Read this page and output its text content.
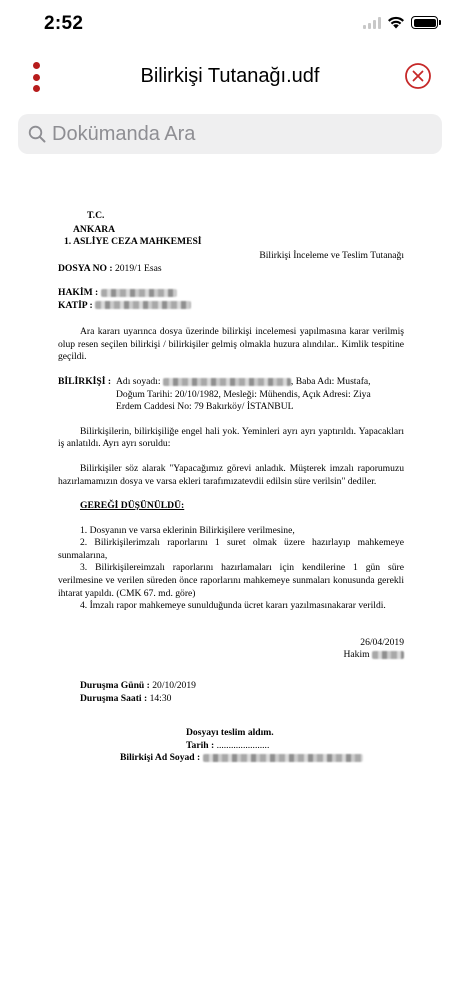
2:52
Bilirkişi Tutanağı.udf
Dokümanda Ara

T.C.

ANKARA

1. ASLİYE CEZA MAHKEMESİ

Bilirkişi İnceleme ve Teslim Tutanağı

DOSYA NO : 2019/1 Esas

HAKİM :

KATİP :

Ara kararı uyarınca dosya üzerinde bilirkişi incelemesi yapılmasına karar verilmiş olup resen seçilen bilirkişi / bilirkişiler gelmiş olmakla huzura alındılar.. Kimlik tespitine geçildi.

BİLİRKİŞİ : Adı soyadı:	, Baba Adı: Mustafa,

Doğum Tarihi: 20/10/1982, Mesleği: Mühendis, Açık Adresi: Ziya

Erdem Caddesi No: 79 Bakırköy/ İSTANBUL

Bilirkişilerin, bilirkişiliğe engel hali yok. Yeminleri ayrı ayrı yaptırıldı. Yapacakları iş anlatıldı. Ayrı ayrı soruldu:

Bilirkişiler söz alarak "Yapacağımız görevi anladık. Müşterek imzalı raporumuzu hazırlamamızın dosya ve varsa ekleri tarafımızatevdii edilsin süre verilsin" dediler.

GEREĞİ DÜŞÜNÜLDÜ:

1. Dosyanın ve varsa eklerinin Bilirkişilere verilmesine,

2. Bilirkişilerimzalı raporlarını 1 suret olmak üzere hazırlayıp mahkemeye sunmalarına,

3. Bilirkişilereimzalı raporlarını hazırlamaları için kendilerine 1 gün süre verilmesine ve verilen süreden önce raporlarını mahkemeye sunmaları konusunda gerekli ihtarat yapıldı. (CMK 67. md. göre)

4. İmzalı rapor mahkemeye sunulduğunda ücret kararı yazılmasınakarar verildi.

26/04/2019

Hakim

Duruşma Günü : 20/10/2019

Duruşma Saati : 14:30

Dosyayı teslim aldım.

Tarih : ......................

Bilirkişi Ad Soyad :
